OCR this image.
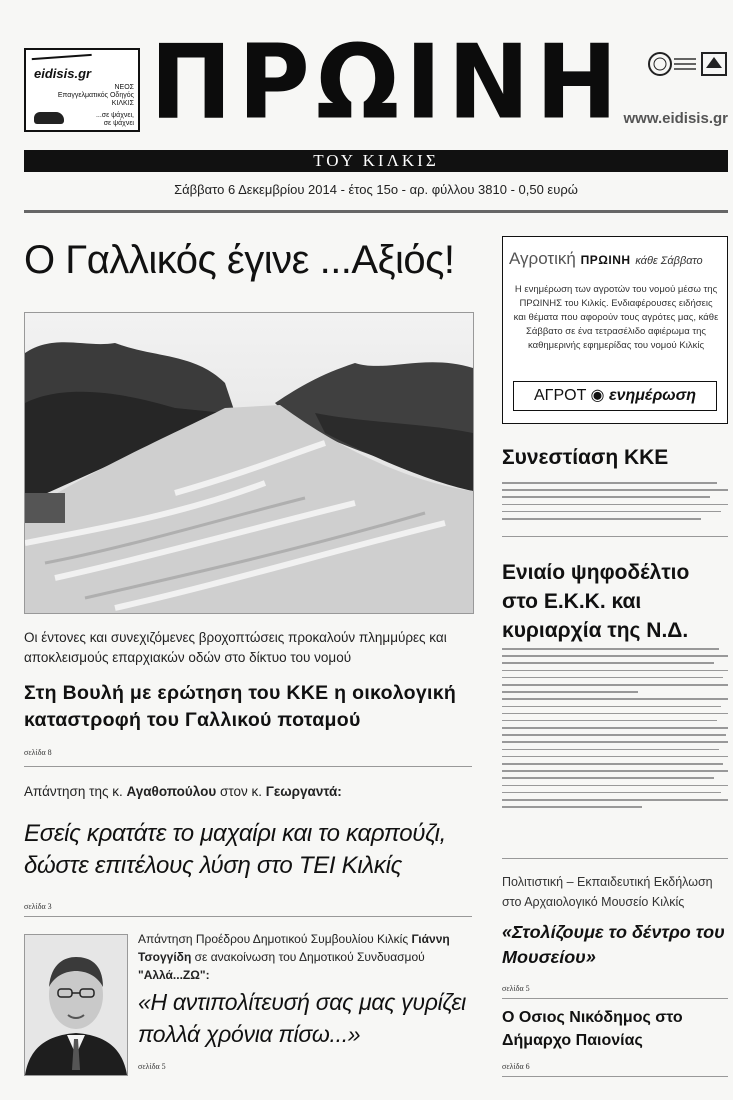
eidisis.gr
ΝΕΟΣ
Επαγγελματικός Οδηγός
ΚΙΛΚΙΣ
...σε ψάχνει,
σε ψάχνει ΠΡΩΙΝΗ www.eidisis.gr
ΤΟΥ ΚΙΛΚΙΣ
Σάββατο 6 Δεκεμβρίου 2014 - έτος 15ο - αρ. φύλλου 3810 - 0,50 ευρώ
Ο Γαλλικός έγινε ...Αξιός!
Οι έντονες και συνεχιζόμενες βροχοπτώσεις προκαλούν πλημμύρες και αποκλεισμούς επαρχιακών οδών στο δίκτυο του νομού
Στη Βουλή με ερώτηση του ΚΚΕ η οικολογική καταστροφή του Γαλλικού ποταμού
σελίδα 8
Απάντηση της κ. Αγαθοπούλου στον κ. Γεωργαντά:
Εσείς κρατάτε το μαχαίρι και το καρπούζι, δώστε επιτέλους λύση στο ΤΕΙ Κιλκίς
σελίδα 3
Απάντηση Προέδρου Δημοτικού Συμβουλίου Κιλκίς Γιάννη Τσογγίδη σε ανακοίνωση του Δημοτικού Συνδυασμού "Αλλά...ΖΩ":
«Η αντιπολίτευσή σας μας γυρίζει πολλά χρόνια πίσω...»
σελίδα 5
Αγροτική ΠΡΩΙΝΗ κάθε Σάββατο
Η ενημέρωση των αγροτών του νομού μέσω της ΠΡΩΙΝΗΣ του Κιλκίς. Ενδιαφέρουσες ειδήσεις και θέματα που αφορούν τους αγρότες μας, κάθε Σάββατο σε ένα τετρασέλιδο αφιέρωμα της καθημερινής εφημερίδας του νομού Κιλκίς
ΑΓΡΟΤ ◉ ενημέρωση
Συνεστίαση ΚΚΕ
Ενιαίο ψηφοδέλτιο στο Ε.Κ.Κ. και κυριαρχία της Ν.Δ.
Πολιτιστική – Εκπαιδευτική Εκδήλωση στο Αρχαιολογικό Μουσείο Κιλκίς
«Στολίζουμε το δέντρο του Μουσείου»
σελίδα 5
Ο Οσιος Νικόδημος στο Δήμαρχο Παιονίας
σελίδα 6
